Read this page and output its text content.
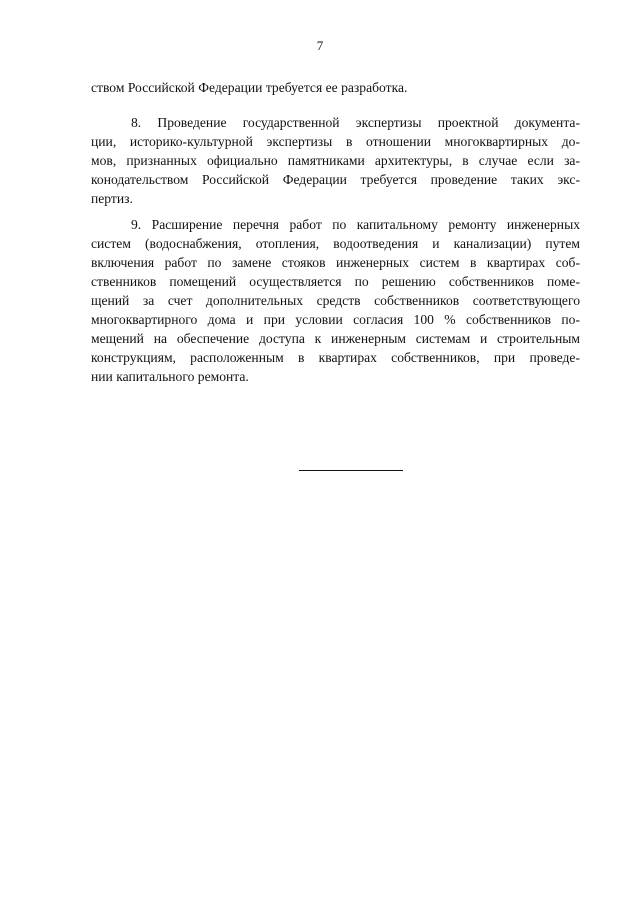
7
ством Российской Федерации требуется ее разработка.
8. Проведение государственной экспертизы проектной документа-
ции, историко-культурной экспертизы в отношении многоквартирных до-
мов, признанных официально памятниками архитектуры, в случае если за-
конодательством Российской Федерации требуется проведение таких экс-
пертиз.
9. Расширение перечня работ по капитальному ремонту инженерных
систем (водоснабжения, отопления, водоотведения и канализации) путем
включения работ по замене стояков инженерных систем в квартирах соб-
ственников помещений осуществляется по решению собственников поме-
щений за счет дополнительных средств собственников соответствующего
многоквартирного дома и при условии согласия 100 % собственников по-
мещений на обеспечение доступа к инженерным системам и строительным
конструкциям, расположенным в квартирах собственников, при проведе-
нии капитального ремонта.
